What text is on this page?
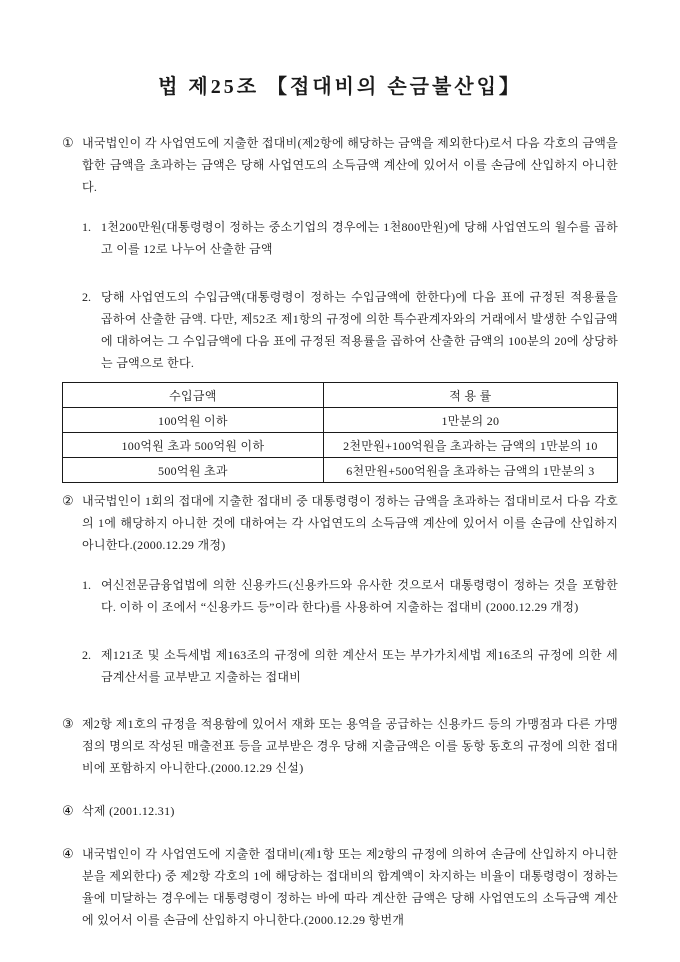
법 제25조 【접대비의 손금불산입】
① 내국법인이 각 사업연도에 지출한 접대비(제2항에 해당하는 금액을 제외한다)로서 다음 각호의 금액을 합한 금액을 초과하는 금액은 당해 사업연도의 소득금액 계산에 있어서 이를 손금에 산입하지 아니한다.
1. 1천200만원(대통령령이 정하는 중소기업의 경우에는 1천800만원)에 당해 사업연도의 월수를 곱하고 이를 12로 나누어 산출한 금액
2. 당해 사업연도의 수입금액(대통령령이 정하는 수입금액에 한한다)에 다음 표에 규정된 적용률을 곱하여 산출한 금액. 다만, 제52조 제1항의 규정에 의한 특수관계자와의 거래에서 발생한 수입금액에 대하여는 그 수입금액에 다음 표에 규정된 적용률을 곱하여 산출한 금액의 100분의 20에 상당하는 금액으로 한다.
수입금액	적 용 률
100억원 이하	1만분의 20
100억원 초과 500억원 이하	2천만원+100억원을 초과하는 금액의 1만분의 10
500억원 초과	6천만원+500억원을 초과하는 금액의 1만분의 3
② 내국법인이 1회의 접대에 지출한 접대비 중 대통령령이 정하는 금액을 초과하는 접대비로서 다음 각호의 1에 해당하지 아니한 것에 대하여는 각 사업연도의 소득금액 계산에 있어서 이를 손금에 산입하지 아니한다.(2000.12.29 개정)
1. 여신전문금융업법에 의한 신용카드(신용카드와 유사한 것으로서 대통령령이 정하는 것을 포함한다. 이하 이 조에서 “신용카드 등”이라 한다)를 사용하여 지출하는 접대비 (2000.12.29 개정)
2. 제121조 및 소득세법 제163조의 규정에 의한 계산서 또는 부가가치세법 제16조의 규정에 의한 세금계산서를 교부받고 지출하는 접대비
③ 제2항 제1호의 규정을 적용함에 있어서 재화 또는 용역을 공급하는 신용카드 등의 가맹점과 다른 가맹점의 명의로 작성된 매출전표 등을 교부받은 경우 당해 지출금액은 이를 동항 동호의 규정에 의한 접대비에 포함하지 아니한다.(2000.12.29 신설)
④ 삭제 (2001.12.31)
④ 내국법인이 각 사업연도에 지출한 접대비(제1항 또는 제2항의 규정에 의하여 손금에 산입하지 아니한 분을 제외한다) 중 제2항 각호의 1에 해당하는 접대비의 합계액이 차지하는 비율이 대통령령이 정하는 율에 미달하는 경우에는 대통령령이 정하는 바에 따라 계산한 금액은 당해 사업연도의 소득금액 계산에 있어서 이를 손금에 산입하지 아니한다.(2000.12.29 항번개
